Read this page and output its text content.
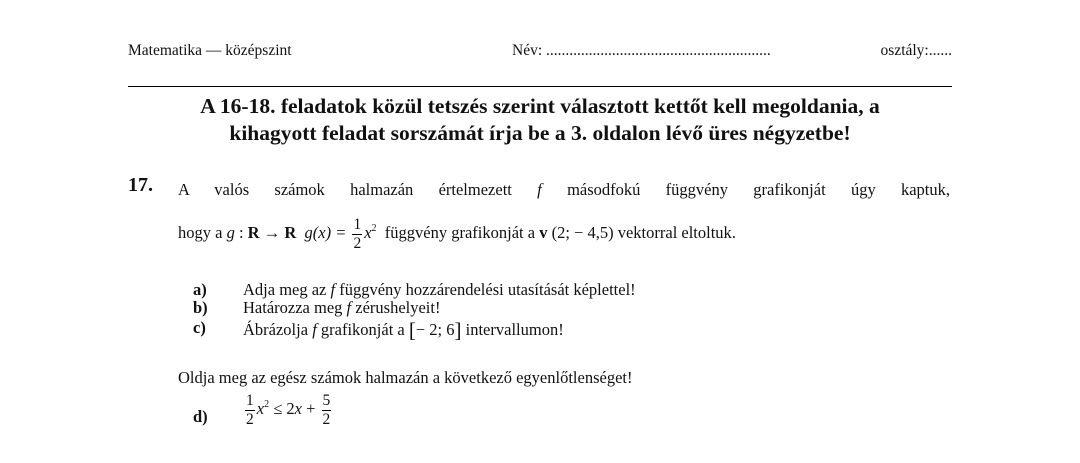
Matematika — középszint	Név: ..........................................................	osztály:......
A 16-18. feladatok közül tetszés szerint választott kettőt kell megoldania, a
kihagyott feladat sorszámát írja be a 3. oldalon lévő üres négyzetbe!
17. A valós számok halmazán értelmezett f másodfokú függvény grafikonját úgy kaptuk,
hogy a g : R → R $g(x) = \frac{1}{2} x^2$ függvény grafikonját a v (2; − 4,5) vektorral eltoltuk.
a) Adja meg az f függvény hozzárendelési utasítását képlettel!
b) Határozza meg f zérushelyeit!
c) Ábrázolja f grafikonját a [− 2; 6] intervallumon!
Oldja meg az egész számok halmazán a következő egyenlőtlenséget!
$d) \frac{1}{2} x^2 \le 2x + \frac{5}{2}$
